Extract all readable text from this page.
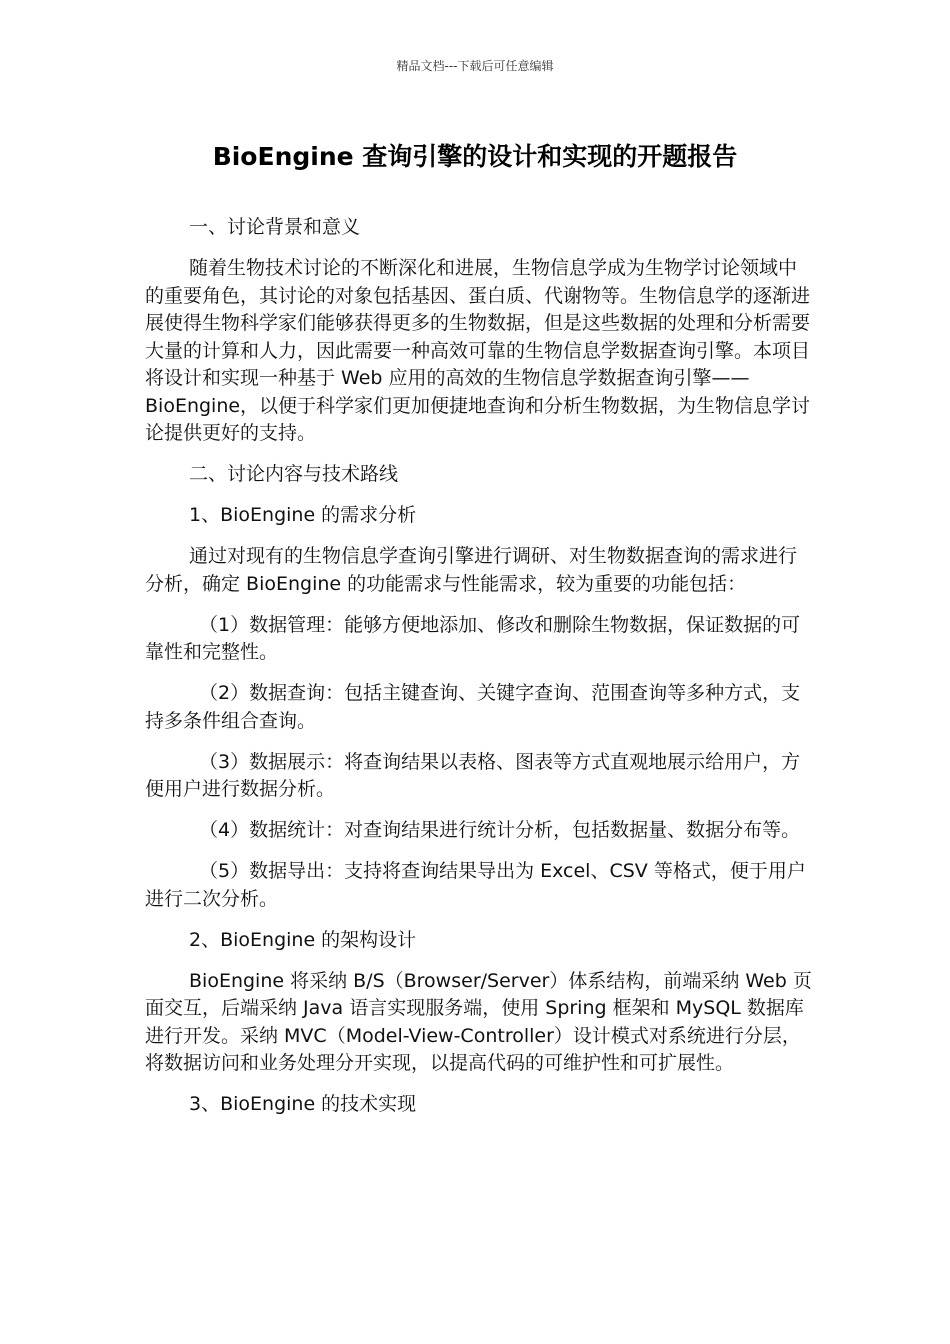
精品文档---下载后可任意编辑
BioEngine 查询引擎的设计和实现的开题报告

一、讨论背景和意义

随着生物技术讨论的不断深化和进展，生物信息学成为生物学讨论领域中的重要角色，其讨论的对象包括基因、蛋白质、代谢物等。生物信息学的逐渐进展使得生物科学家们能够获得更多的生物数据，但是这些数据的处理和分析需要大量的计算和人力，因此需要一种高效可靠的生物信息学数据查询引擎。本项目将设计和实现一种基于 Web 应用的高效的生物信息学数据查询引擎——BioEngine，以便于科学家们更加便捷地查询和分析生物数据，为生物信息学讨论提供更好的支持。

二、讨论内容与技术路线

1、BioEngine 的需求分析

通过对现有的生物信息学查询引擎进行调研、对生物数据查询的需求进行分析，确定 BioEngine 的功能需求与性能需求，较为重要的功能包括：

（1）数据管理：能够方便地添加、修改和删除生物数据，保证数据的可靠性和完整性。

（2）数据查询：包括主键查询、关键字查询、范围查询等多种方式，支持多条件组合查询。

（3）数据展示：将查询结果以表格、图表等方式直观地展示给用户，方便用户进行数据分析。

（4）数据统计：对查询结果进行统计分析，包括数据量、数据分布等。

（5）数据导出：支持将查询结果导出为 Excel、CSV 等格式，便于用户进行二次分析。

2、BioEngine 的架构设计

BioEngine 将采纳 B/S（Browser/Server）体系结构，前端采纳 Web 页面交互，后端采纳 Java 语言实现服务端，使用 Spring 框架和 MySQL 数据库进行开发。采纳 MVC（Model-View-Controller）设计模式对系统进行分层，将数据访问和业务处理分开实现，以提高代码的可维护性和可扩展性。

3、BioEngine 的技术实现
